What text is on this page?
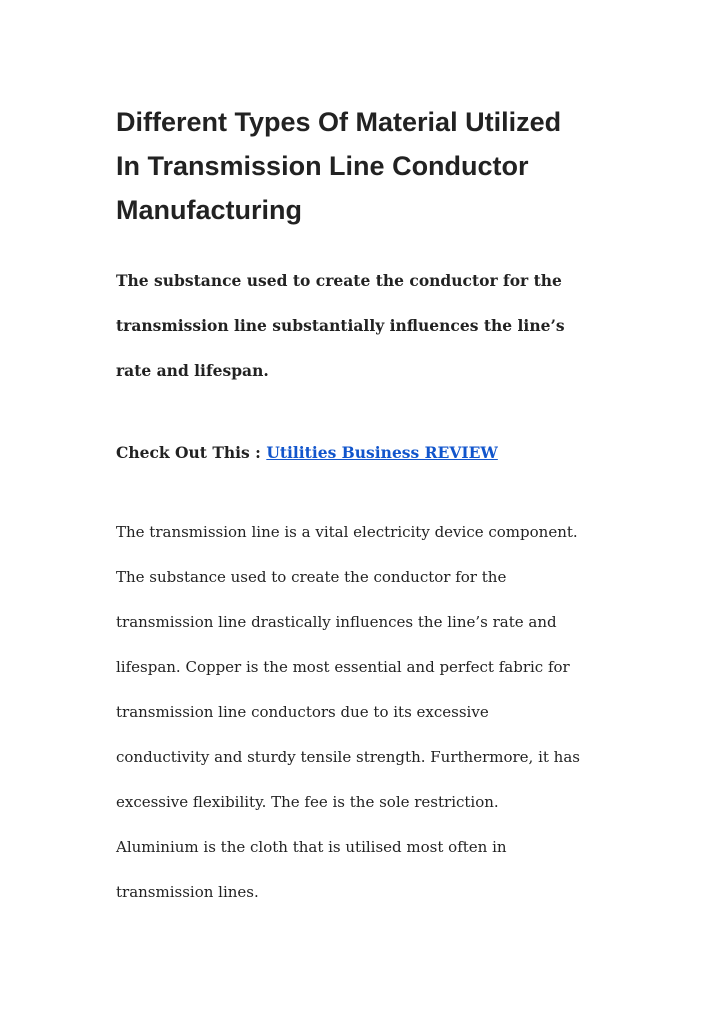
Different Types Of Material Utilized
In Transmission Line Conductor
Manufacturing

The substance used to create the conductor for the
transmission line substantially influences the line’s
rate and lifespan.

Check Out This : Utilities Business REVIEW

The transmission line is a vital electricity device component.
The substance used to create the conductor for the
transmission line drastically influences the line’s rate and
lifespan. Copper is the most essential and perfect fabric for
transmission line conductors due to its excessive
conductivity and sturdy tensile strength. Furthermore, it has
excessive flexibility. The fee is the sole restriction.
Aluminium is the cloth that is utilised most often in
transmission lines.
